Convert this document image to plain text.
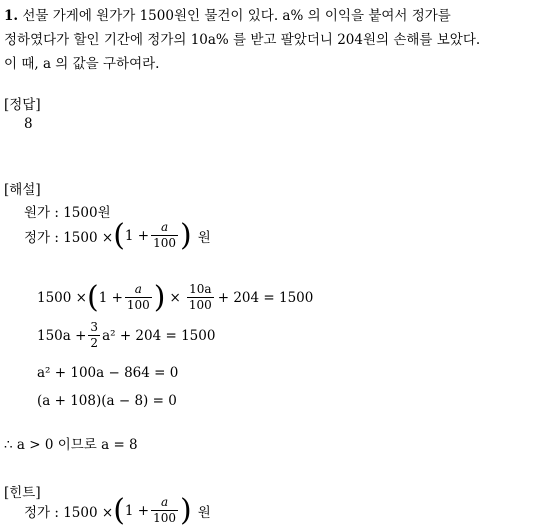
1. 선물 가게에 원가가 1500원인 물건이 있다. a% 의 이익을 붙여서 정가를
정하였다가 할인 기간에 정가의 10a% 를 받고 팔았더니 204원의 손해를 보았다.
이 때, a 의 값을 구하여라.
[정답]
8
[해설]
원가 : 1500원
정가 : 1500 × ( $1 + \frac{a}{100}$ ) 원
1500 × ( $1 + \frac{a}{100}$ ) × $\frac{10a}{100} + 204 = 1500$
$150a + \frac{3}{2} a^2 + 204 = 1500$
a² + 100a − 864 = 0
(a + 108)(a − 8) = 0
∴ a > 0 이므로 a = 8
[힌트]
정가 : 1500 × ( $1 + \frac{a}{100}$ ) 원
